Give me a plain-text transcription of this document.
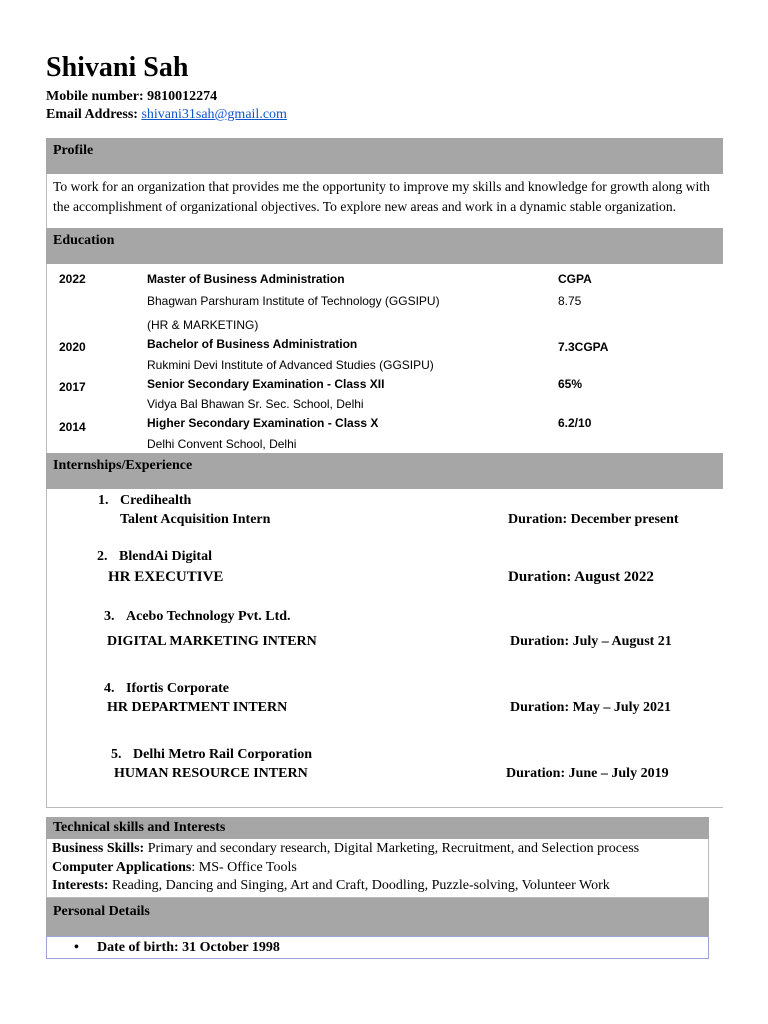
Shivani Sah
Mobile number: 9810012274
Email Address: shivani31sah@gmail.com
Profile
To work for an organization that provides me the opportunity to improve my skills and knowledge for growth along with
the accomplishment of organizational objectives. To explore new areas and work in a dynamic stable organization.
Education
2022	Master of Business Administration	CGPA
Bhagwan Parshuram Institute of Technology (GGSIPU)	8.75
(HR & MARKETING)
2020	Bachelor of Business Administration	7.3CGPA
Rukmini Devi Institute of Advanced Studies (GGSIPU)
2017	Senior Secondary Examination - Class XII	65%
Vidya Bal Bhawan Sr. Sec. School, Delhi
2014	Higher Secondary Examination - Class X	6.2/10
Delhi Convent School, Delhi
Internships/Experience
1. Credihealth
Talent Acquisition Intern	Duration: December present
2. BlendAi Digital
HR EXECUTIVE	Duration: August 2022
3. Acebo Technology Pvt. Ltd.
DIGITAL MARKETING INTERN	Duration: July – August 21
4. Ifortis Corporate
HR DEPARTMENT INTERN	Duration: May – July 2021
5. Delhi Metro Rail Corporation
HUMAN RESOURCE INTERN	Duration: June – July 2019
Technical skills and Interests
Business Skills: Primary and secondary research, Digital Marketing, Recruitment, and Selection process
Computer Applications: MS- Office Tools
Interests: Reading, Dancing and Singing, Art and Craft, Doodling, Puzzle-solving, Volunteer Work
Personal Details
• Date of birth: 31 October 1998
